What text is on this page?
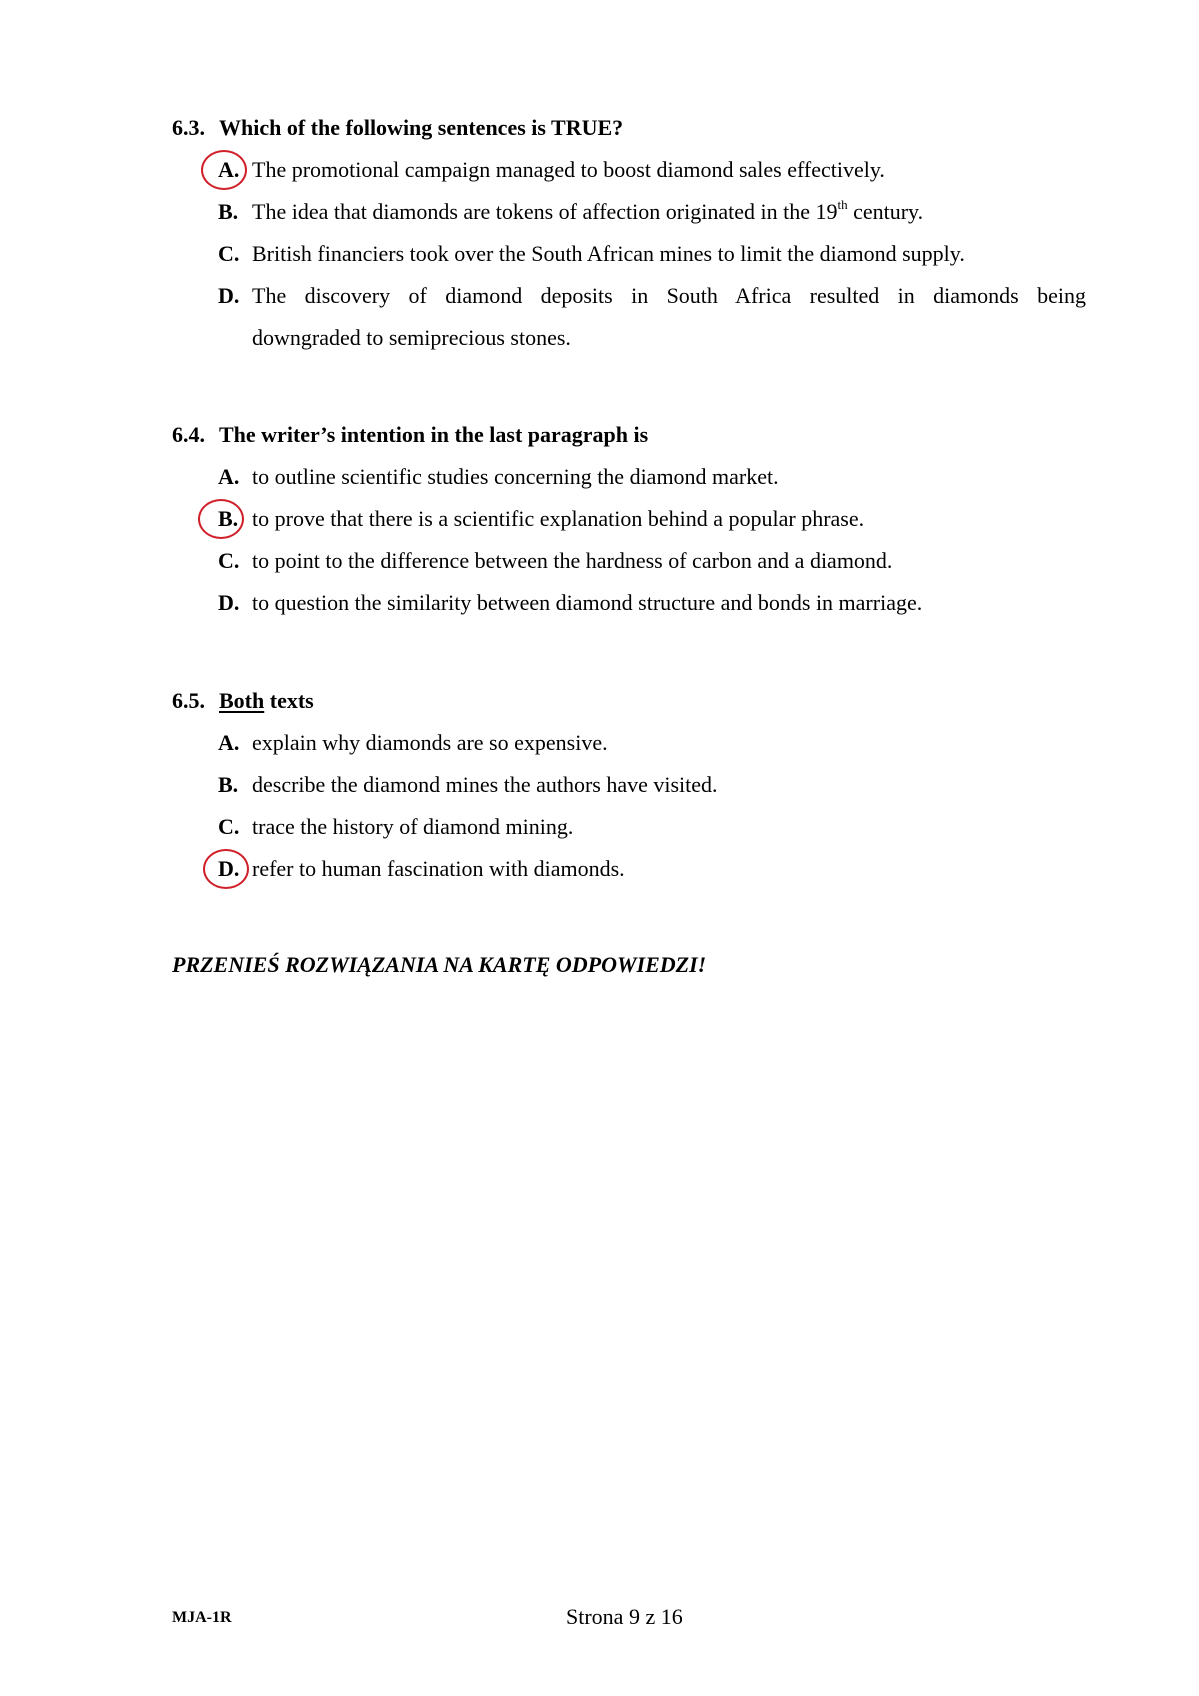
6.3. Which of the following sentences is TRUE?
A. The promotional campaign managed to boost diamond sales effectively.
B. The idea that diamonds are tokens of affection originated in the 19th century.
C. British financiers took over the South African mines to limit the diamond supply.
D. The discovery of diamond deposits in South Africa resulted in diamonds being
downgraded to semiprecious stones.
6.4. The writer’s intention in the last paragraph is
A. to outline scientific studies concerning the diamond market.
B. to prove that there is a scientific explanation behind a popular phrase.
C. to point to the difference between the hardness of carbon and a diamond.
D. to question the similarity between diamond structure and bonds in marriage.
6.5. Both texts
A. explain why diamonds are so expensive.
B. describe the diamond mines the authors have visited.
C. trace the history of diamond mining.
D. refer to human fascination with diamonds.
PRZENIEŚ ROZWIĄZANIA NA KARTĘ ODPOWIEDZI!
MJA-1R	Strona 9 z 16
